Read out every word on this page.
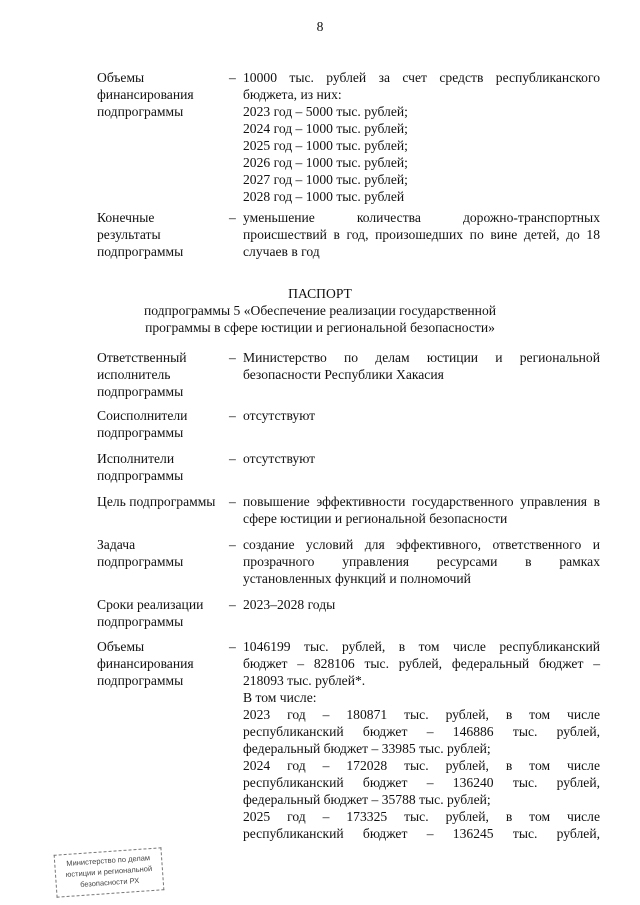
8
Объемы
финансирования
подпрограммы
– 10000 тыс. рублей за счет средств республиканского
бюджета, из них:
2023 год – 5000 тыс. рублей;
2024 год – 1000 тыс. рублей;
2025 год – 1000 тыс. рублей;
2026 год – 1000 тыс. рублей;
2027 год – 1000 тыс. рублей;
2028 год – 1000 тыс. рублей
Конечные
результаты
подпрограммы
– уменьшение количества дорожно-транспортных
происшествий в год, произошедших по вине детей, до 18
случаев в год
ПАСПОРТ
подпрограммы 5 «Обеспечение реализации государственной
программы в сфере юстиции и региональной безопасности»
Ответственный
исполнитель
подпрограммы
– Министерство по делам юстиции и региональной
безопасности Республики Хакасия
Соисполнители
подпрограммы
– отсутствуют
Исполнители
подпрограммы
– отсутствуют
Цель подпрограммы – повышение эффективности государственного управления в
сфере юстиции и региональной безопасности
Задача
подпрограммы
– создание условий для эффективного, ответственного и
прозрачного управления ресурсами в рамках
установленных функций и полномочий
Сроки реализации
подпрограммы
– 2023–2028 годы
Объемы
финансирования
подпрограммы
– 1046199 тыс. рублей, в том числе республиканский
бюджет – 828106 тыс. рублей, федеральный бюджет –
218093 тыс. рублей*.
В том числе:
2023 год – 180871 тыс. рублей, в том числе
республиканский бюджет – 146886 тыс. рублей,
федеральный бюджет – 33985 тыс. рублей;
2024 год – 172028 тыс. рублей, в том числе
республиканский бюджет – 136240 тыс. рублей,
федеральный бюджет – 35788 тыс. рублей;
2025 год – 173325 тыс. рублей, в том числе
республиканский бюджет – 136245 тыс. рублей,
Министерство по делам
юстиции и региональной
безопасности РХ
